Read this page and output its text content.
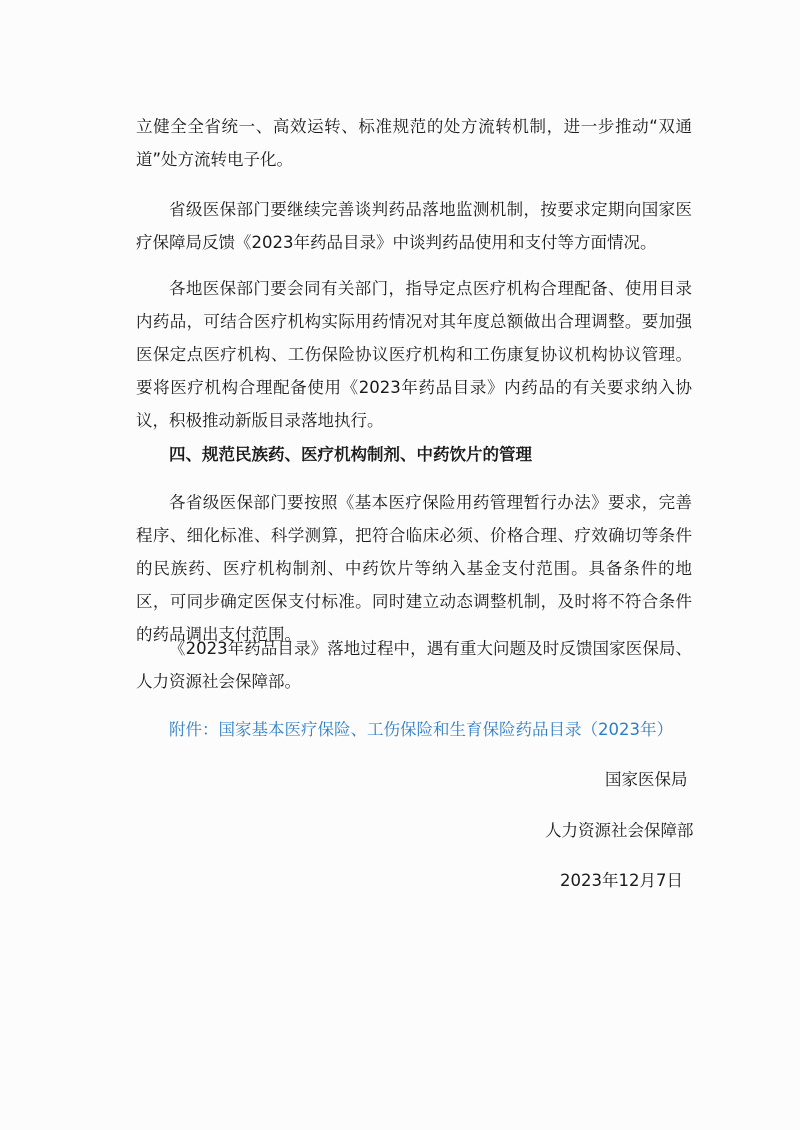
立健全全省统一、高效运转、标准规范的处方流转机制，进一步推动“双通道”处方流转电子化。

省级医保部门要继续完善谈判药品落地监测机制，按要求定期向国家医疗保障局反馈《2023年药品目录》中谈判药品使用和支付等方面情况。

各地医保部门要会同有关部门，指导定点医疗机构合理配备、使用目录内药品，可结合医疗机构实际用药情况对其年度总额做出合理调整。要加强医保定点医疗机构、工伤保险协议医疗机构和工伤康复协议机构协议管理。要将医疗机构合理配备使用《2023年药品目录》内药品的有关要求纳入协议，积极推动新版目录落地执行。

四、规范民族药、医疗机构制剂、中药饮片的管理

各省级医保部门要按照《基本医疗保险用药管理暂行办法》要求，完善程序、细化标准、科学测算，把符合临床必须、价格合理、疗效确切等条件的民族药、医疗机构制剂、中药饮片等纳入基金支付范围。具备条件的地区，可同步确定医保支付标准。同时建立动态调整机制，及时将不符合条件的药品调出支付范围。

《2023年药品目录》落地过程中，遇有重大问题及时反馈国家医保局、人力资源社会保障部。

附件：国家基本医疗保险、工伤保险和生育保险药品目录（2023年）

国家医保局

人力资源社会保障部

2023年12月7日
